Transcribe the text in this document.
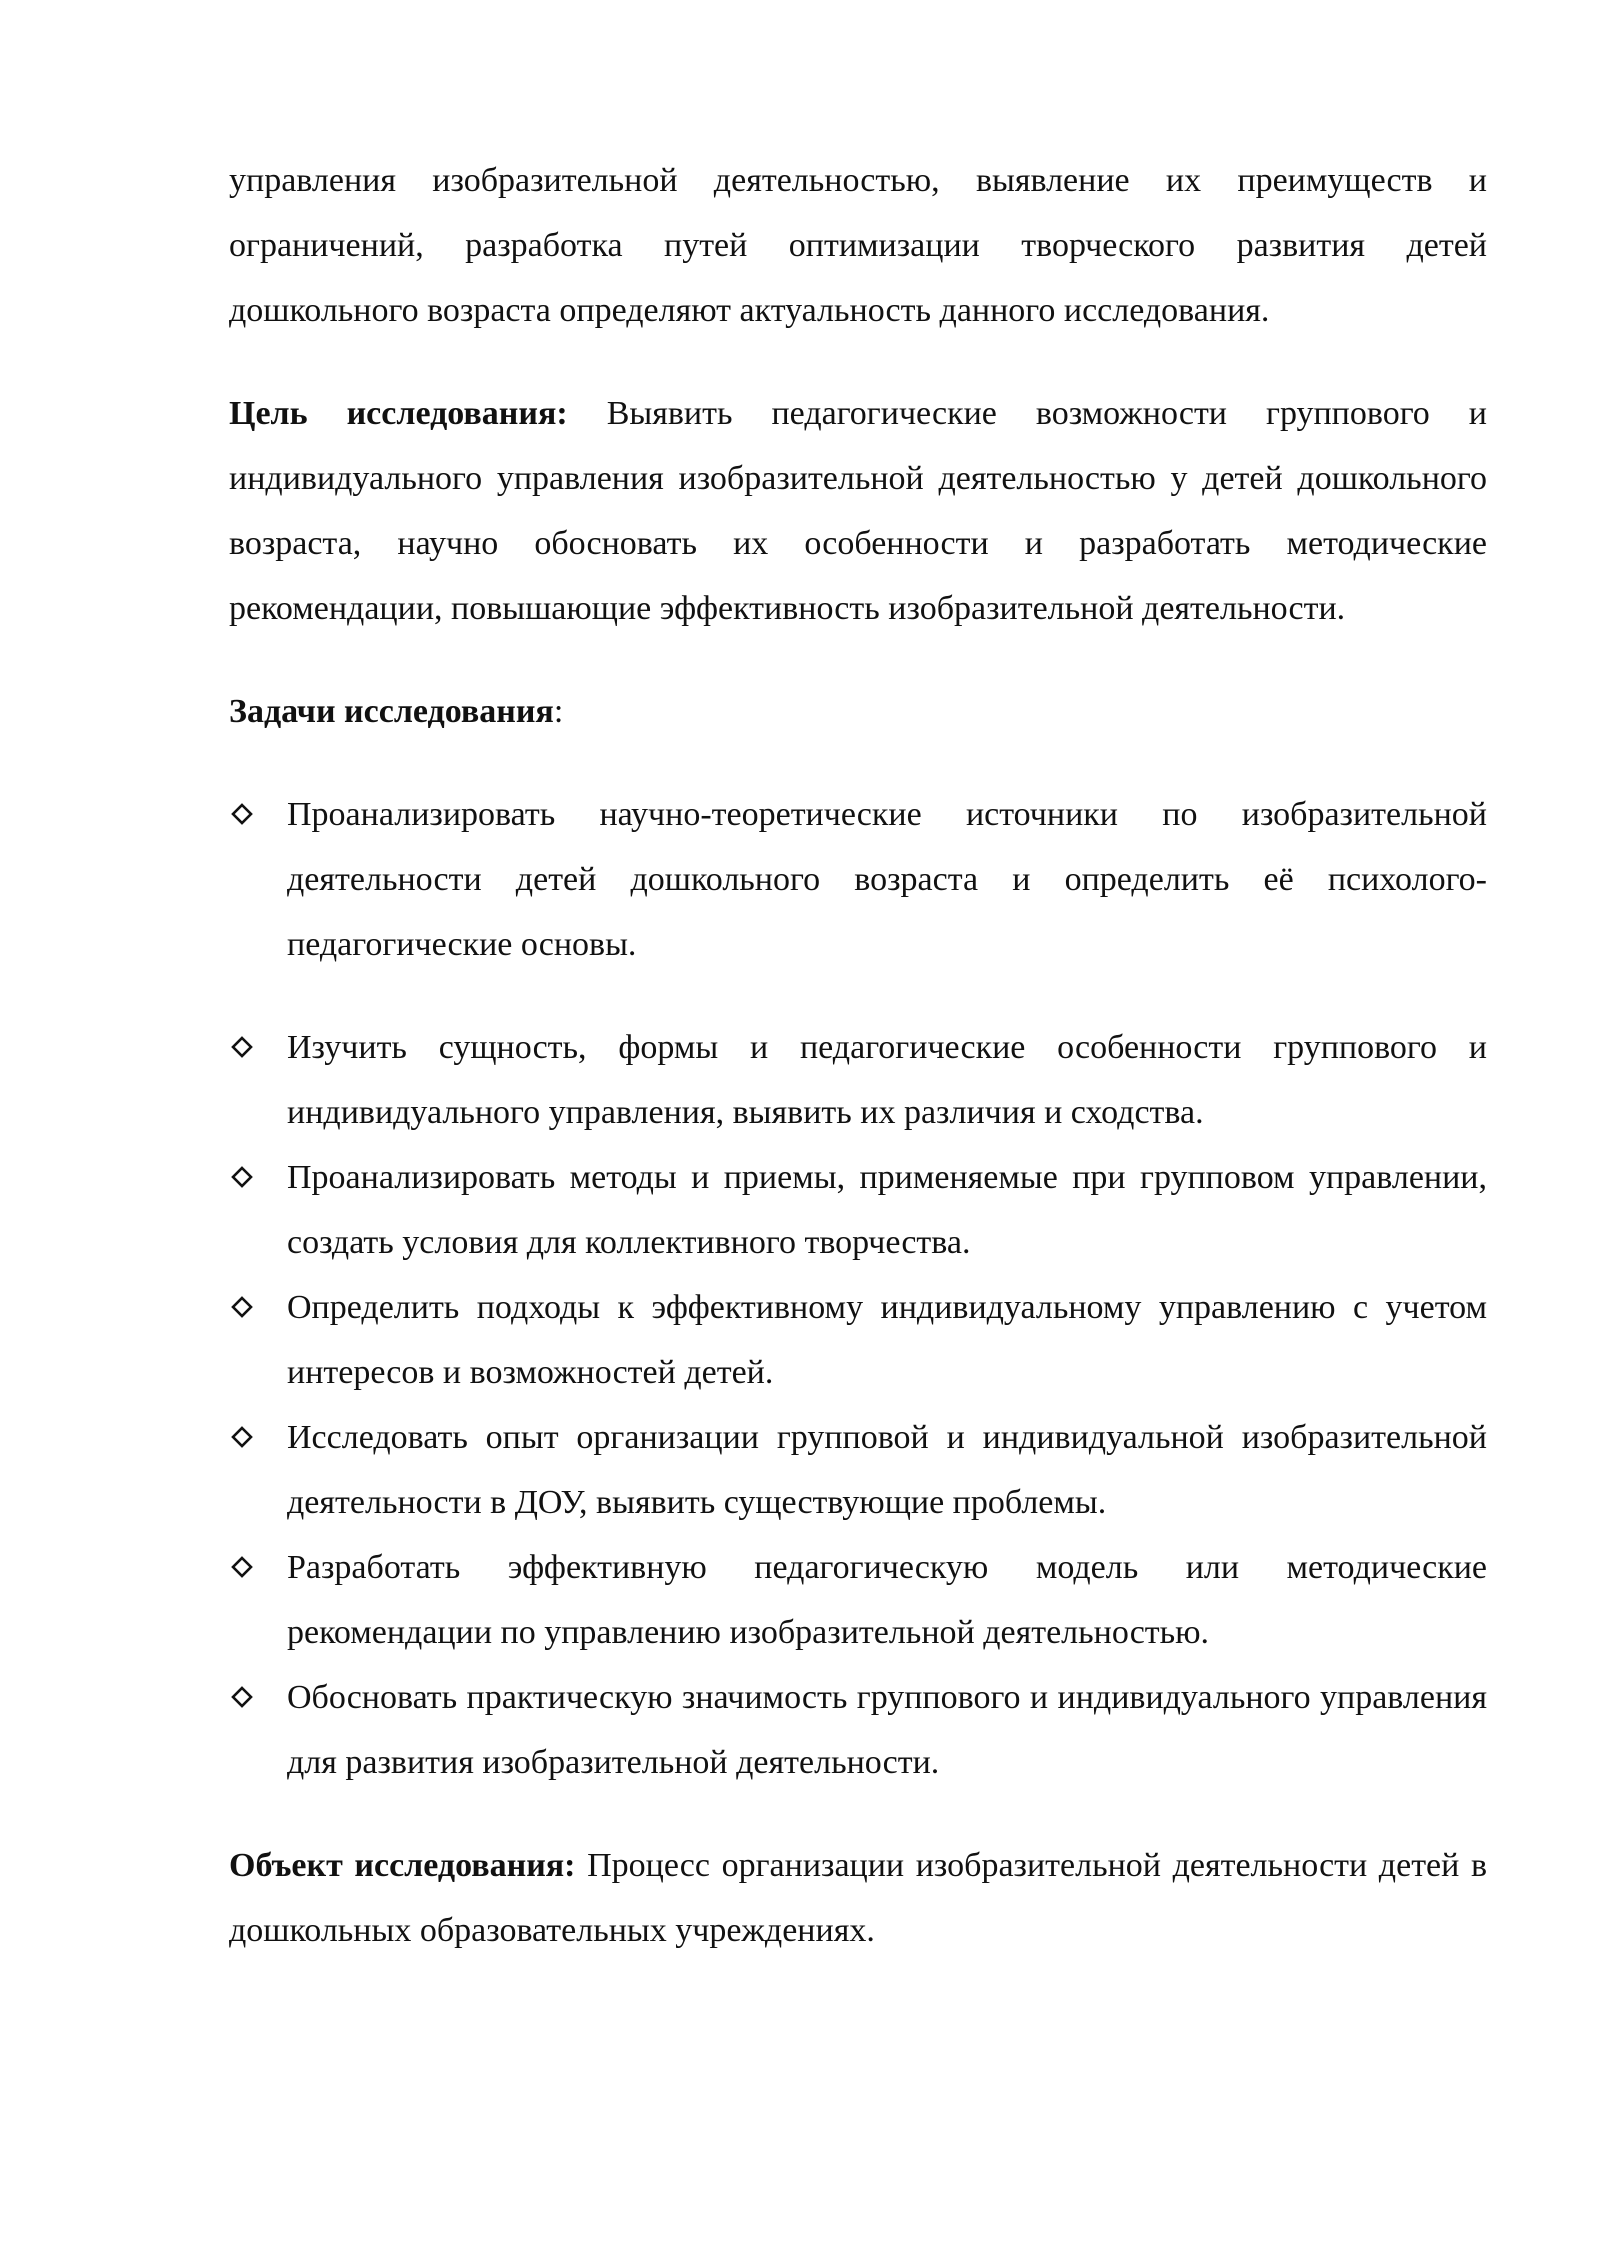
управления изобразительной деятельностью, выявление их преимуществ и ограничений, разработка путей оптимизации творческого развития детей дошкольного возраста определяют актуальность данного исследования.

Цель исследования: Выявить педагогические возможности группового и индивидуального управления изобразительной деятельностью у детей дошкольного возраста, научно обосновать их особенности и разработать методические рекомендации, повышающие эффективность изобразительной деятельности.

Задачи исследования:

Проанализировать научно-теоретические источники по изобразительной деятельности детей дошкольного возраста и определить её психолого-педагогические основы.
Изучить сущность, формы и педагогические особенности группового и индивидуального управления, выявить их различия и сходства.
Проанализировать методы и приемы, применяемые при групповом управлении, создать условия для коллективного творчества.
Определить подходы к эффективному индивидуальному управлению с учетом интересов и возможностей детей.
Исследовать опыт организации групповой и индивидуальной изобразительной деятельности в ДОУ, выявить существующие проблемы.
Разработать эффективную педагогическую модель или методические рекомендации по управлению изобразительной деятельностью.
Обосновать практическую значимость группового и индивидуального управления для развития изобразительной деятельности.

Объект исследования: Процесс организации изобразительной деятельности детей в дошкольных образовательных учреждениях.
